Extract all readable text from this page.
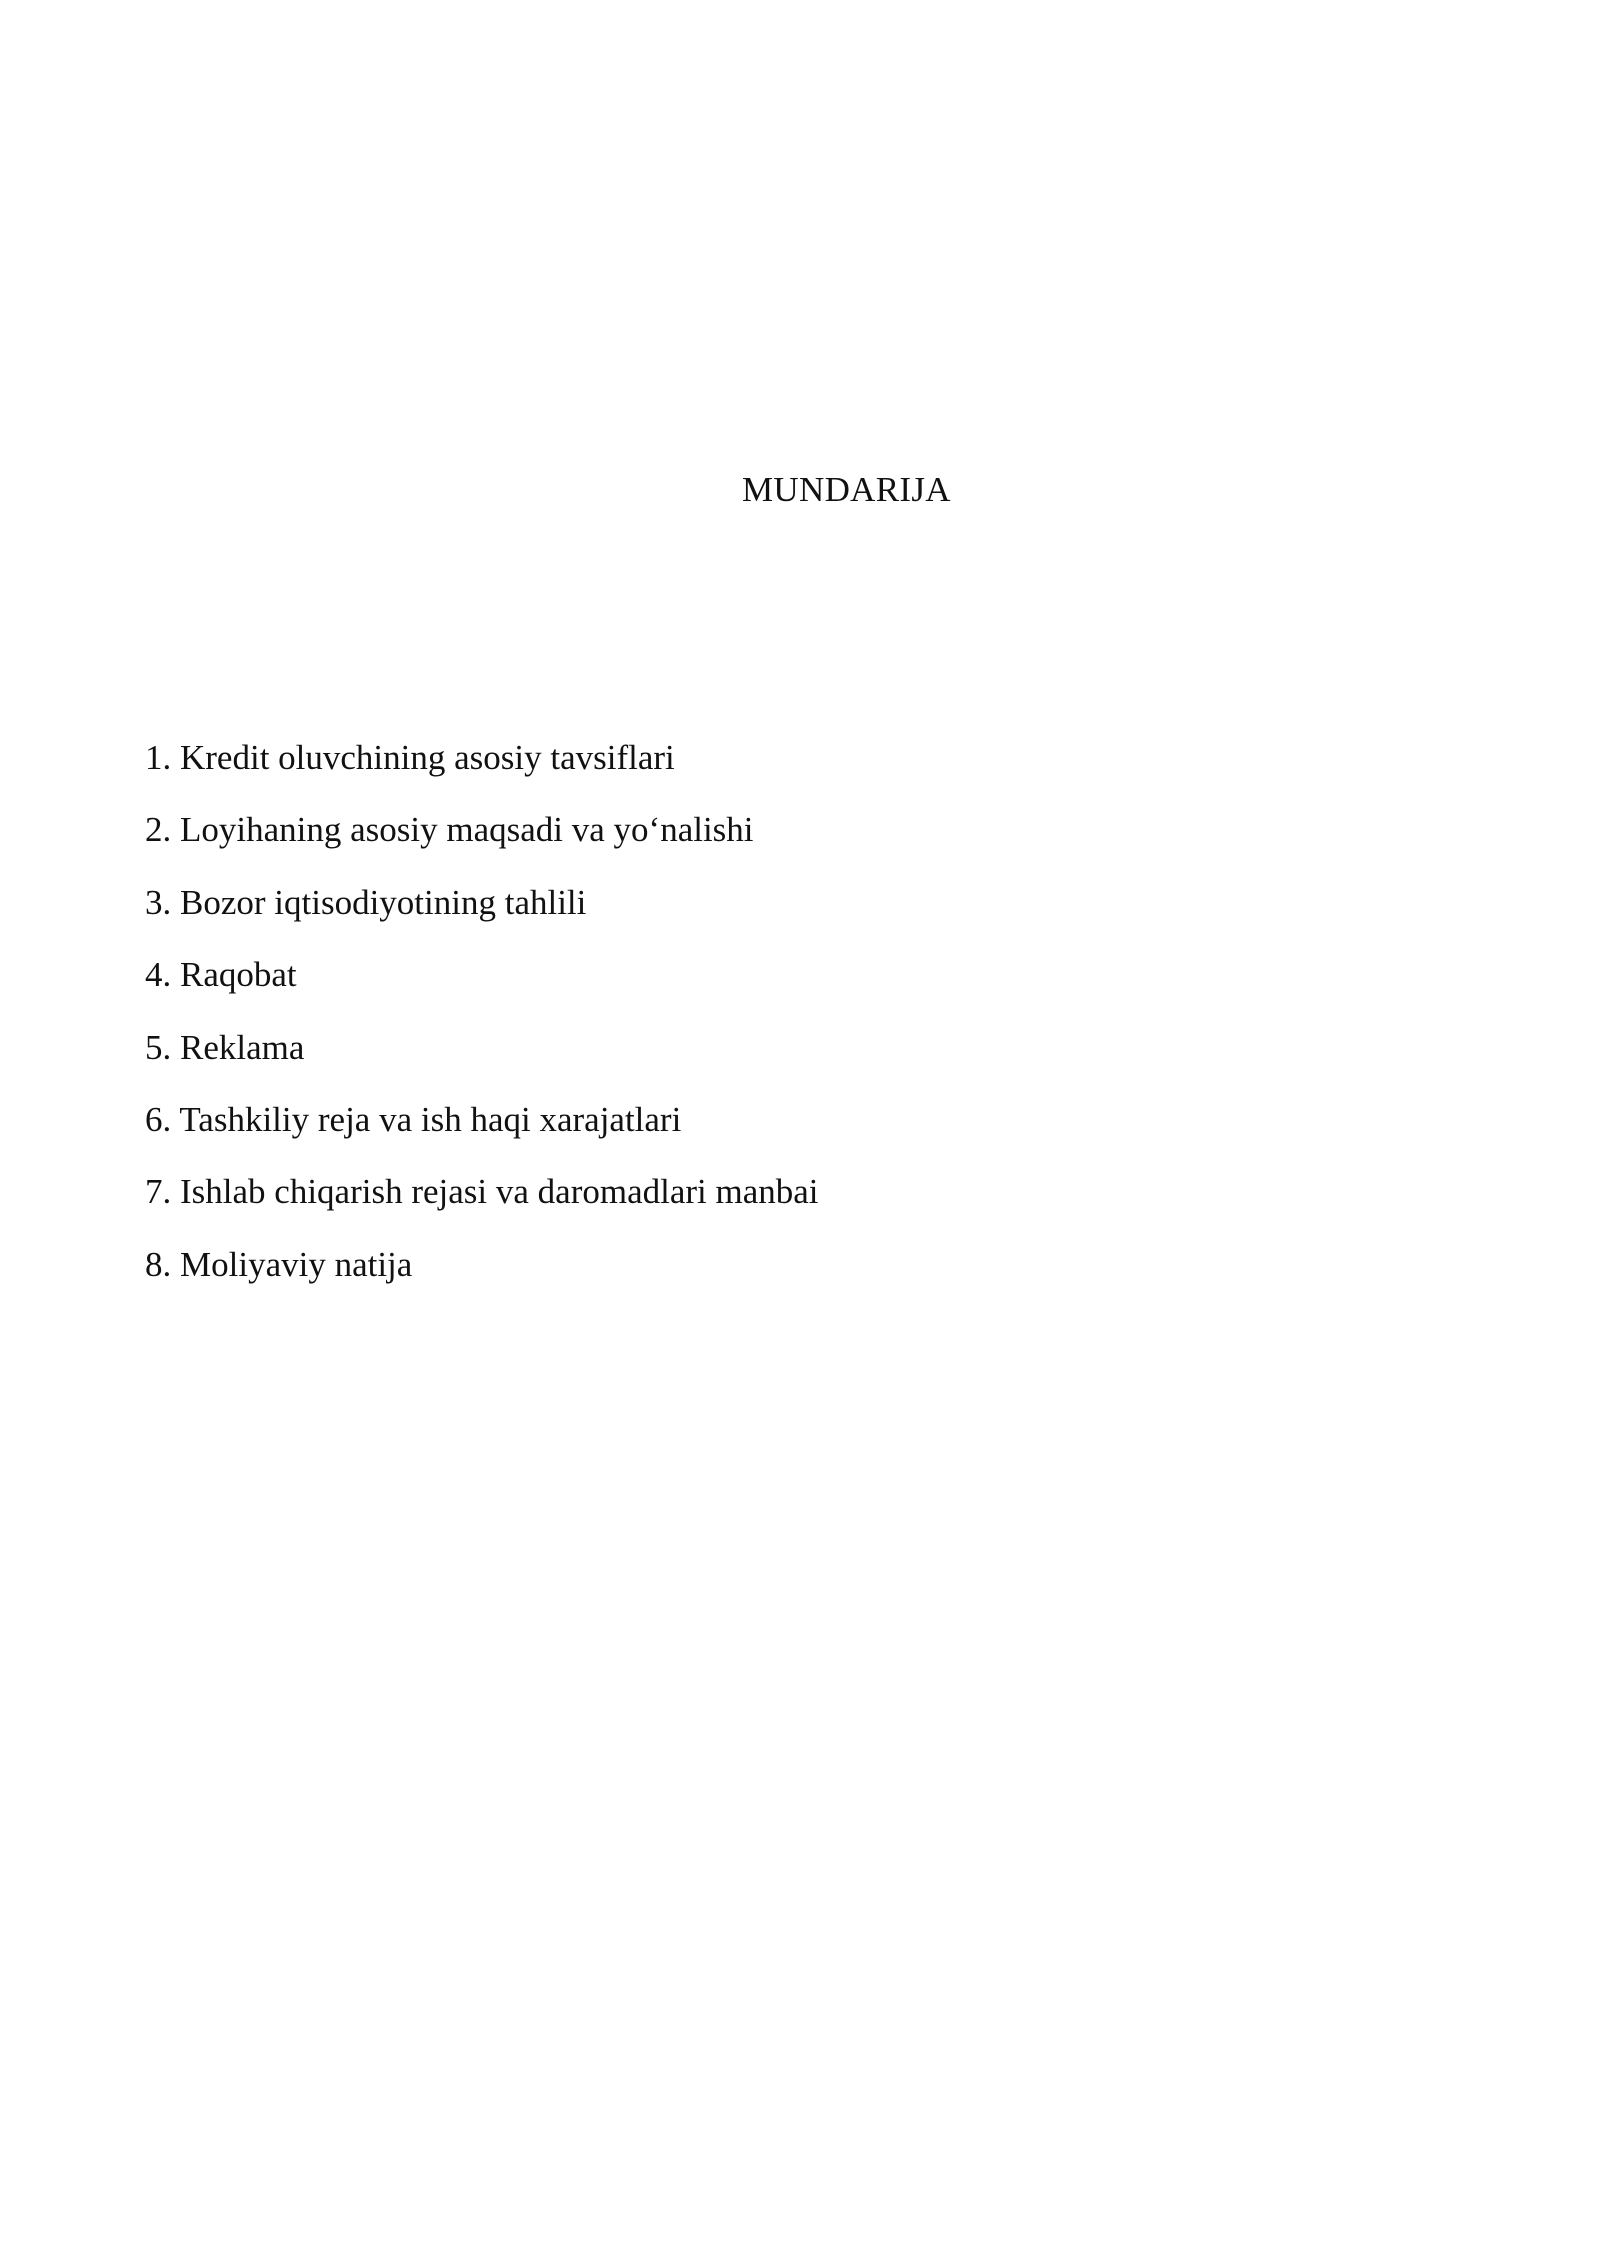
MUNDARIJA
1. Kredit oluvchining asosiy tavsiflari
2. Loyihaning asosiy maqsadi va yo‘nalishi
3. Bozor iqtisodiyotining tahlili
4. Raqobat
5. Reklama
6. Tashkiliy reja va ish haqi xarajatlari
7. Ishlab chiqarish rejasi va daromadlari manbai
8. Moliyaviy natija
